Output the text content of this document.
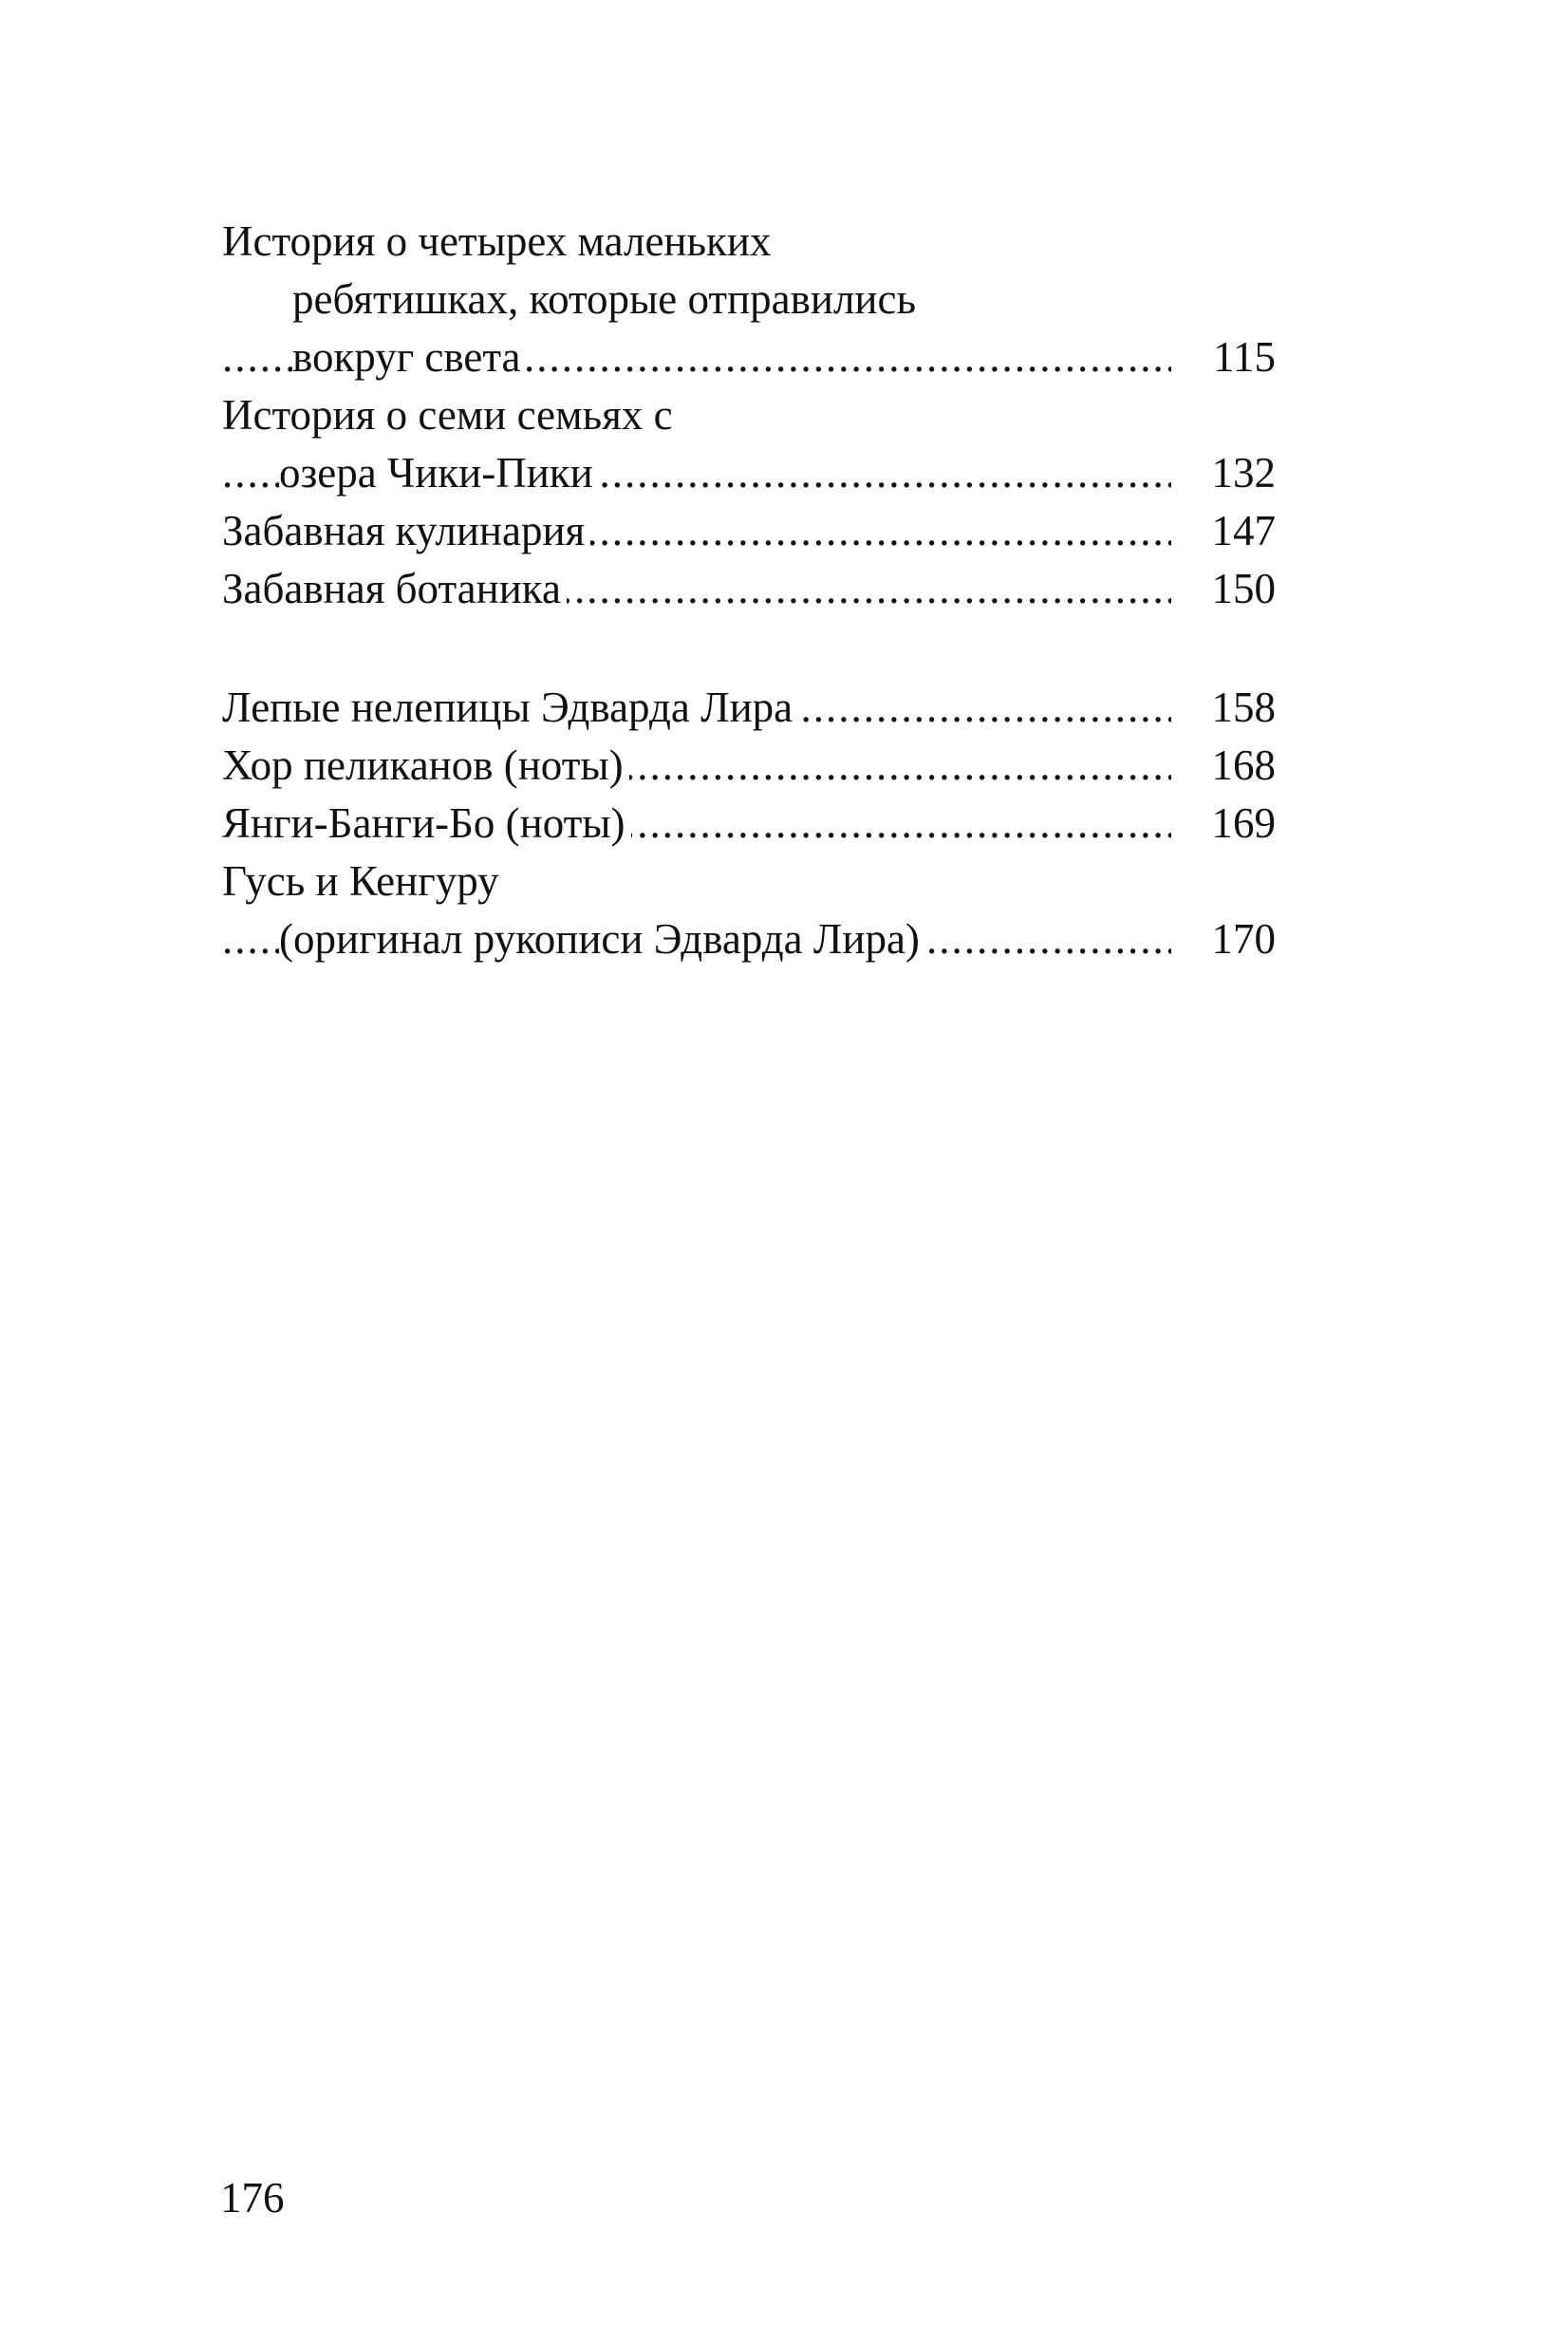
История о четырех маленьких
ребятишках, которые отправились
.....
вокруг света	115
История о семи семьях с
.....
озера Чики-Пики	132
.....
Забавная кулинария	147
.....
Забавная ботаника	150
.....
Лепые нелепицы Эдварда Лира	158
.....
Хор пеликанов (ноты)	168
.....
Янги-Банги-Бо (ноты)	169
Гусь и Кенгуру
.....
(оригинал рукописи Эдварда Лира)	170
176
